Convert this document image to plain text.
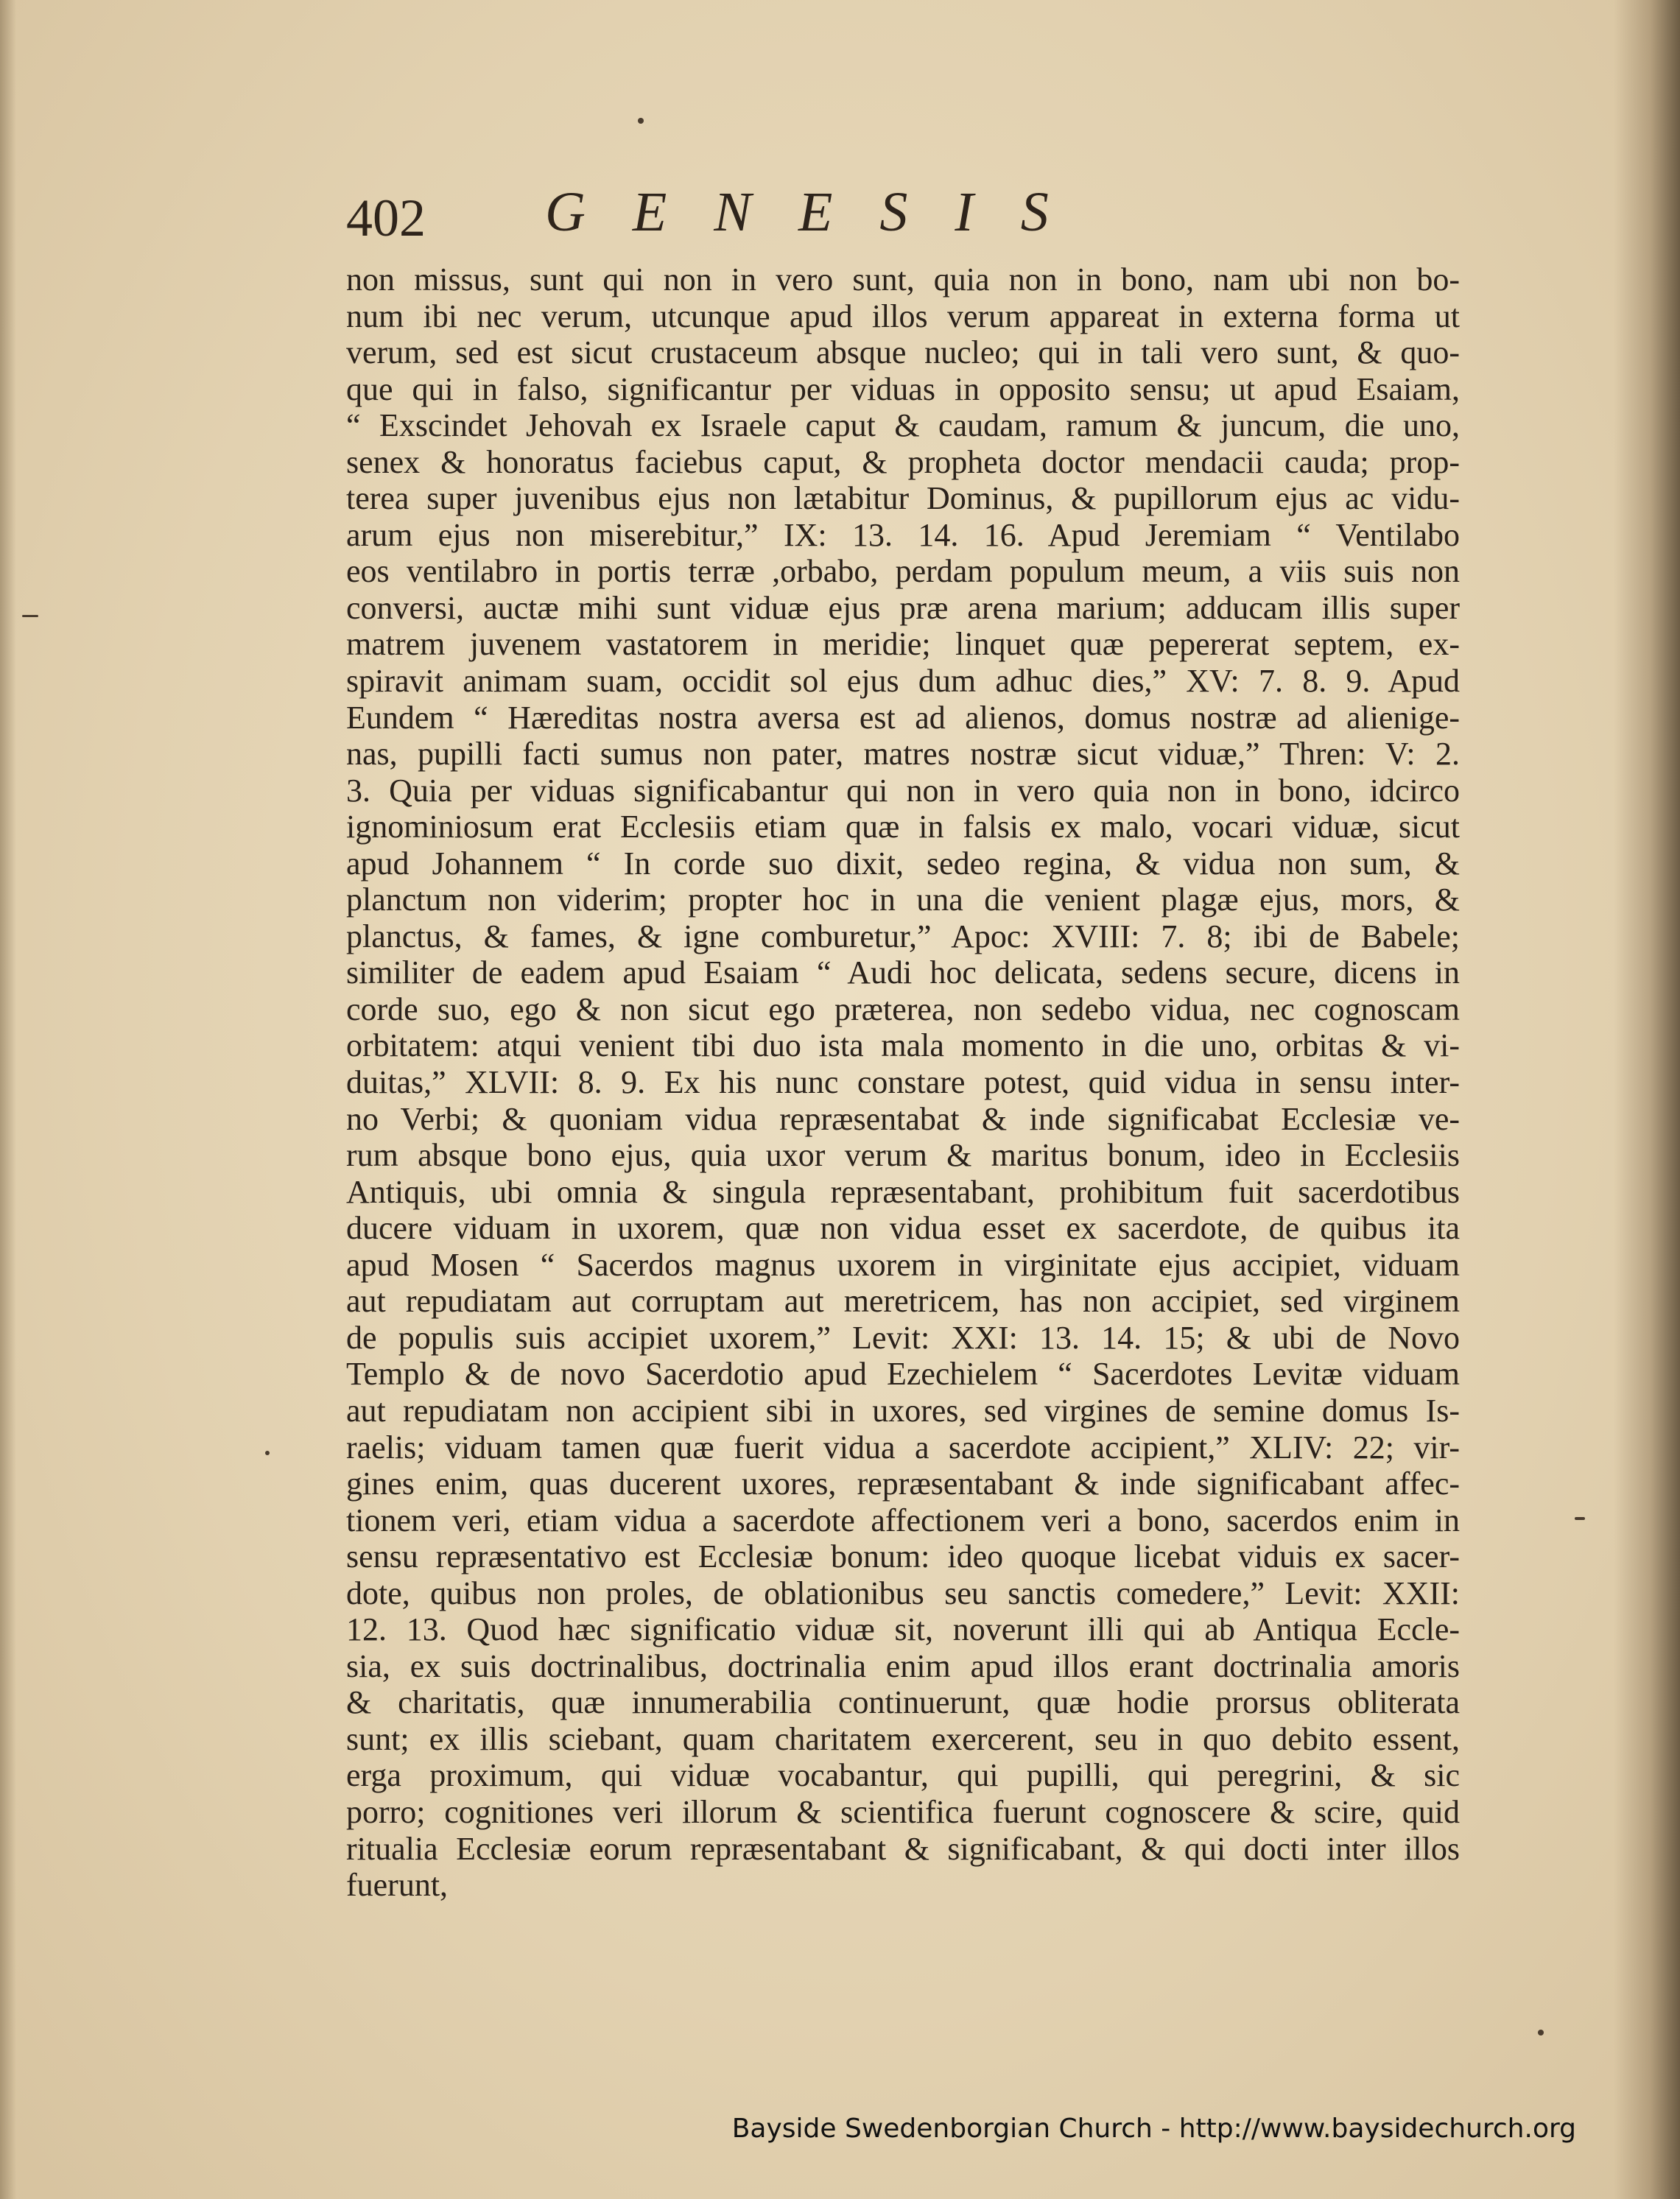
402 GENESIS
non missus, sunt qui non in vero sunt, quia non in bono, nam ubi non bo-
num ibi nec verum, utcunque apud illos verum appareat in externa forma ut
verum, sed est sicut crustaceum absque nucleo; qui in tali vero sunt, & quo-
que qui in falso, significantur per viduas in opposito sensu; ut apud Esaiam,
“ Exscindet Jehovah ex Israele caput & caudam, ramum & juncum, die uno,
senex & honoratus faciebus caput, & propheta doctor mendacii cauda; prop-
terea super juvenibus ejus non lætabitur Dominus, & pupillorum ejus ac vidu-
arum ejus non miserebitur,” IX: 13. 14. 16. Apud Jeremiam “ Ventilabo
eos ventilabro in portis terræ ,orbabo, perdam populum meum, a viis suis non
conversi, auctæ mihi sunt viduæ ejus præ arena marium; adducam illis super
matrem juvenem vastatorem in meridie; linquet quæ pepererat septem, ex-
spiravit animam suam, occidit sol ejus dum adhuc dies,” XV: 7. 8. 9. Apud
Eundem “ Hæreditas nostra aversa est ad alienos, domus nostræ ad alienige-
nas, pupilli facti sumus non pater, matres nostræ sicut viduæ,” Thren: V: 2.
3. Quia per viduas significabantur qui non in vero quia non in bono, idcirco
ignominiosum erat Ecclesiis etiam quæ in falsis ex malo, vocari viduæ, sicut
apud Johannem “ In corde suo dixit, sedeo regina, & vidua non sum, &
planctum non viderim; propter hoc in una die venient plagæ ejus, mors, &
planctus, & fames, & igne comburetur,” Apoc: XVIII: 7. 8; ibi de Babele;
similiter de eadem apud Esaiam “ Audi hoc delicata, sedens secure, dicens in
corde suo, ego & non sicut ego præterea, non sedebo vidua, nec cognoscam
orbitatem: atqui venient tibi duo ista mala momento in die uno, orbitas & vi-
duitas,” XLVII: 8. 9. Ex his nunc constare potest, quid vidua in sensu inter-
no Verbi; & quoniam vidua repræsentabat & inde significabat Ecclesiæ ve-
rum absque bono ejus, quia uxor verum & maritus bonum, ideo in Ecclesiis
Antiquis, ubi omnia & singula repræsentabant, prohibitum fuit sacerdotibus
ducere viduam in uxorem, quæ non vidua esset ex sacerdote, de quibus ita
apud Mosen “ Sacerdos magnus uxorem in virginitate ejus accipiet, viduam
aut repudiatam aut corruptam aut meretricem, has non accipiet, sed virginem
de populis suis accipiet uxorem,” Levit: XXI: 13. 14. 15; & ubi de Novo
Templo & de novo Sacerdotio apud Ezechielem “ Sacerdotes Levitæ viduam
aut repudiatam non accipient sibi in uxores, sed virgines de semine domus Is-
raelis; viduam tamen quæ fuerit vidua a sacerdote accipient,” XLIV: 22; vir-
gines enim, quas ducerent uxores, repræsentabant & inde significabant affec-
tionem veri, etiam vidua a sacerdote affectionem veri a bono, sacerdos enim in
sensu repræsentativo est Ecclesiæ bonum: ideo quoque licebat viduis ex sacer-
dote, quibus non proles, de oblationibus seu sanctis comedere,” Levit: XXII:
12. 13. Quod hæc significatio viduæ sit, noverunt illi qui ab Antiqua Eccle-
sia, ex suis doctrinalibus, doctrinalia enim apud illos erant doctrinalia amoris
& charitatis, quæ innumerabilia continuerunt, quæ hodie prorsus obliterata
sunt; ex illis sciebant, quam charitatem exercerent, seu in quo debito essent,
erga proximum, qui viduæ vocabantur, qui pupilli, qui peregrini, & sic
porro; cognitiones veri illorum & scientifica fuerunt cognoscere & scire, quid
ritualia Ecclesiæ eorum repræsentabant & significabant, & qui docti inter illos
fuerunt,
Bayside Swedenborgian Church - http://www.baysidechurch.org
